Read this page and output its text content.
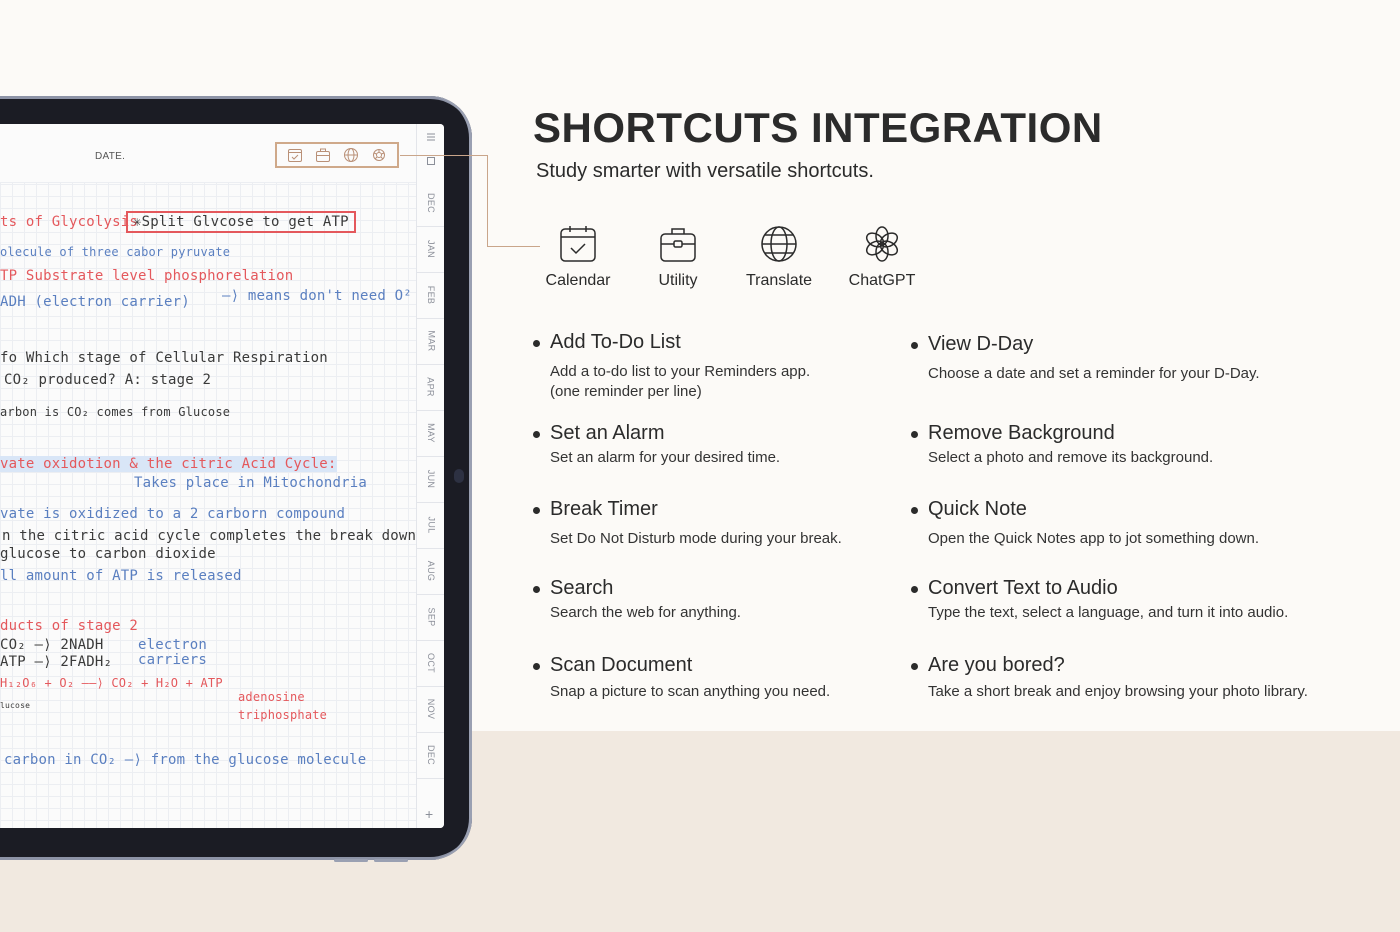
DATE.
ts of Glycolysis
✳Split Glvcose to get ATP
olecule of three cabor pyruvate
TP Substrate level phosphorelation
ADH (electron carrier) —⟩ means don't need O²
fo Which stage of Cellular Respiration
CO₂ produced? A: stage 2
arbon is CO₂ comes from Glucose
vate oxidotion & the citric Acid Cycle:
Takes place in Mitochondria
vate is oxidized to a 2 carborn compound
n the citric acid cycle completes the break down
glucose to carbon dioxide
ll amount of ATP is released
ducts of stage 2
CO₂ —⟩ 2NADH
ATP —⟩ 2FADH₂
electron
carriers
H₁₂O₆ + O₂ ——⟩ CO₂ + H₂O + ATP
lucose
adenosine
triphosphate
carbon in CO₂ —⟩ from the glucose molecule
DEC
JAN
FEB
MAR
APR
MAY
JUN
JUL
AUG
SEP
OCT
NOV
DEC
+
SHORTCUTS INTEGRATION
Study smarter with versatile shortcuts.
Calendar	Utility	Translate	ChatGPT
Add To-Do List
Add a to-do list to your Reminders app.
(one reminder per line)
View D-Day
Choose a date and set a reminder for your D-Day.
Set an Alarm
Set an alarm for your desired time.
Remove Background
Select a photo and remove its background.
Break Timer
Set Do Not Disturb mode during your break.
Quick Note
Open the Quick Notes app to jot something down.
Search
Search the web for anything.
Convert Text to Audio
Type the text, select a language, and turn it into audio.
Scan Document
Snap a picture to scan anything you need.
Are you bored?
Take a short break and enjoy browsing your photo library.
